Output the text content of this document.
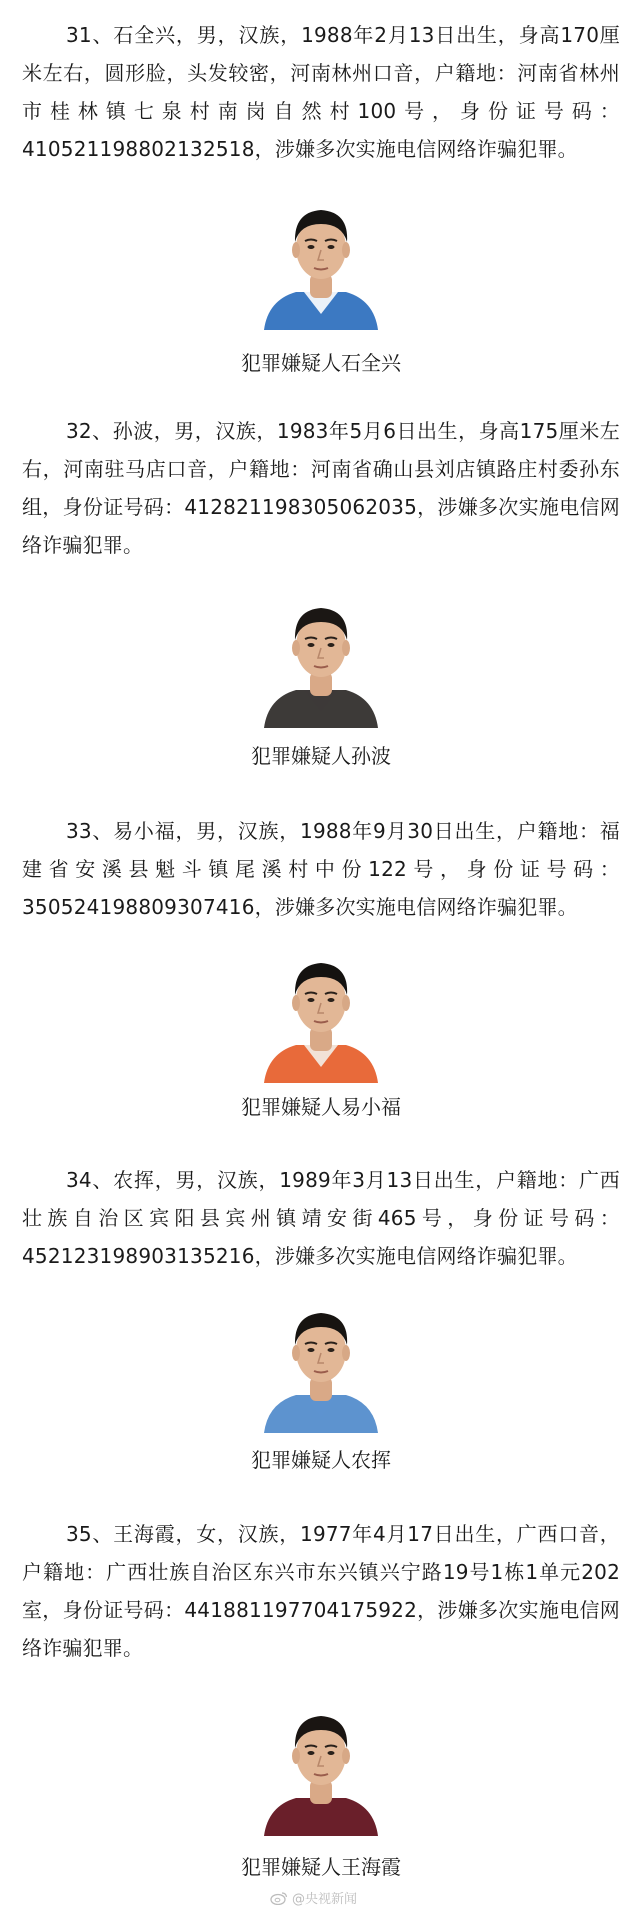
31、石全兴，男，汉族，1988年2月13日出生，身高170厘米左右，圆形脸，头发较密，河南林州口音，户籍地：河南省林州市桂林镇七泉村南岗自然村100号，身份证号码：410521198802132518，涉嫌多次实施电信网络诈骗犯罪。

犯罪嫌疑人石全兴

32、孙波，男，汉族，1983年5月6日出生，身高175厘米左右，河南驻马店口音，户籍地：河南省确山县刘店镇路庄村委孙东组，身份证号码：412821198305062035，涉嫌多次实施电信网络诈骗犯罪。

犯罪嫌疑人孙波

33、易小福，男，汉族，1988年9月30日出生，户籍地：福建省安溪县魁斗镇尾溪村中份122号，身份证号码：350524198809307416，涉嫌多次实施电信网络诈骗犯罪。

犯罪嫌疑人易小福

34、农挥，男，汉族，1989年3月13日出生，户籍地：广西壮族自治区宾阳县宾州镇靖安街465号，身份证号码：452123198903135216，涉嫌多次实施电信网络诈骗犯罪。

犯罪嫌疑人农挥

35、王海霞，女，汉族，1977年4月17日出生，广西口音，户籍地：广西壮族自治区东兴市东兴镇兴宁路19号1栋1单元202室，身份证号码：441881197704175922，涉嫌多次实施电信网络诈骗犯罪。

犯罪嫌疑人王海霞
@央视新闻
